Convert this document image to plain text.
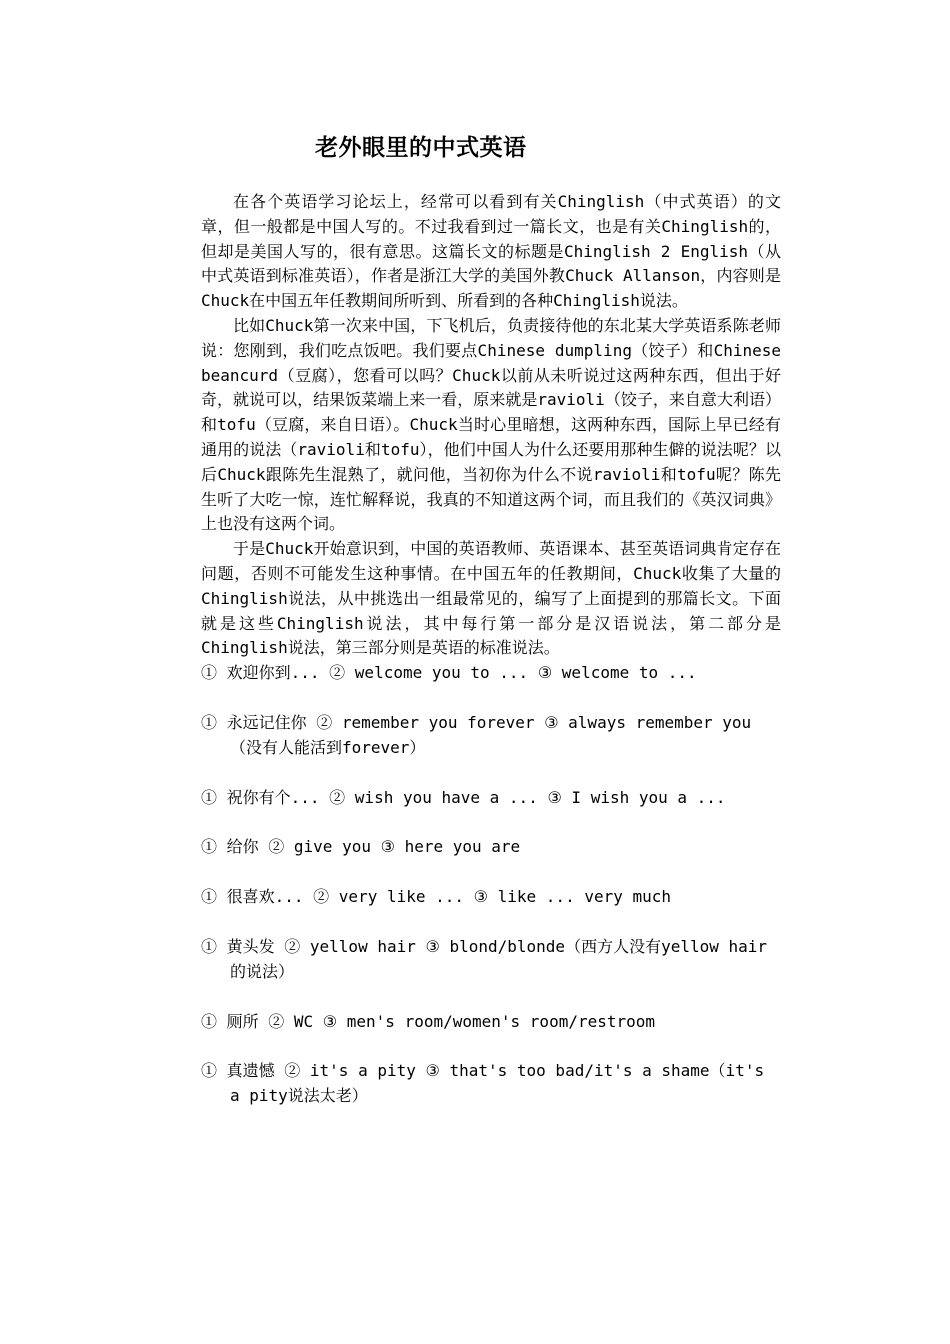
老外眼里的中式英语

在各个英语学习论坛上，经常可以看到有关Chinglish（中式英语）的文章，但一般都是中国人写的。不过我看到过一篇长文，也是有关Chinglish的，但却是美国人写的，很有意思。这篇长文的标题是Chinglish 2 English（从中式英语到标准英语），作者是浙江大学的美国外教Chuck Allanson，内容则是Chuck在中国五年任教期间所听到、所看到的各种Chinglish说法。

比如Chuck第一次来中国，下飞机后，负责接待他的东北某大学英语系陈老师说：您刚到，我们吃点饭吧。我们要点Chinese dumpling（饺子）和Chinese beancurd（豆腐），您看可以吗？Chuck以前从未听说过这两种东西，但出于好奇，就说可以，结果饭菜端上来一看，原来就是ravioli（饺子，来自意大利语）和tofu（豆腐，来自日语）。Chuck当时心里暗想，这两种东西，国际上早已经有通用的说法（ravioli和tofu），他们中国人为什么还要用那种生僻的说法呢？以后Chuck跟陈先生混熟了，就问他，当初你为什么不说ravioli和tofu呢？陈先生听了大吃一惊，连忙解释说，我真的不知道这两个词，而且我们的《英汉词典》上也没有这两个词。

于是Chuck开始意识到，中国的英语教师、英语课本、甚至英语词典肯定存在问题，否则不可能发生这种事情。在中国五年的任教期间，Chuck收集了大量的Chinglish说法，从中挑选出一组最常见的，编写了上面提到的那篇长文。下面就是这些Chinglish说法，其中每行第一部分是汉语说法，第二部分是Chinglish说法，第三部分则是英语的标准说法。

① 欢迎你到... ② welcome you to ... ③ welcome to ...
① 永远记住你 ② remember you forever ③ always remember you（没有人能活到forever）
① 祝你有个... ② wish you have a ... ③ I wish you a ...
① 给你 ② give you ③ here you are
① 很喜欢... ② very like ... ③ like ... very much
① 黄头发 ② yellow hair ③ blond/blonde（西方人没有yellow hair的说法）
① 厕所 ② WC ③ men's room/women's room/restroom
① 真遗憾 ② it's a pity ③ that's too bad/it's a shame（it's a pity说法太老）
